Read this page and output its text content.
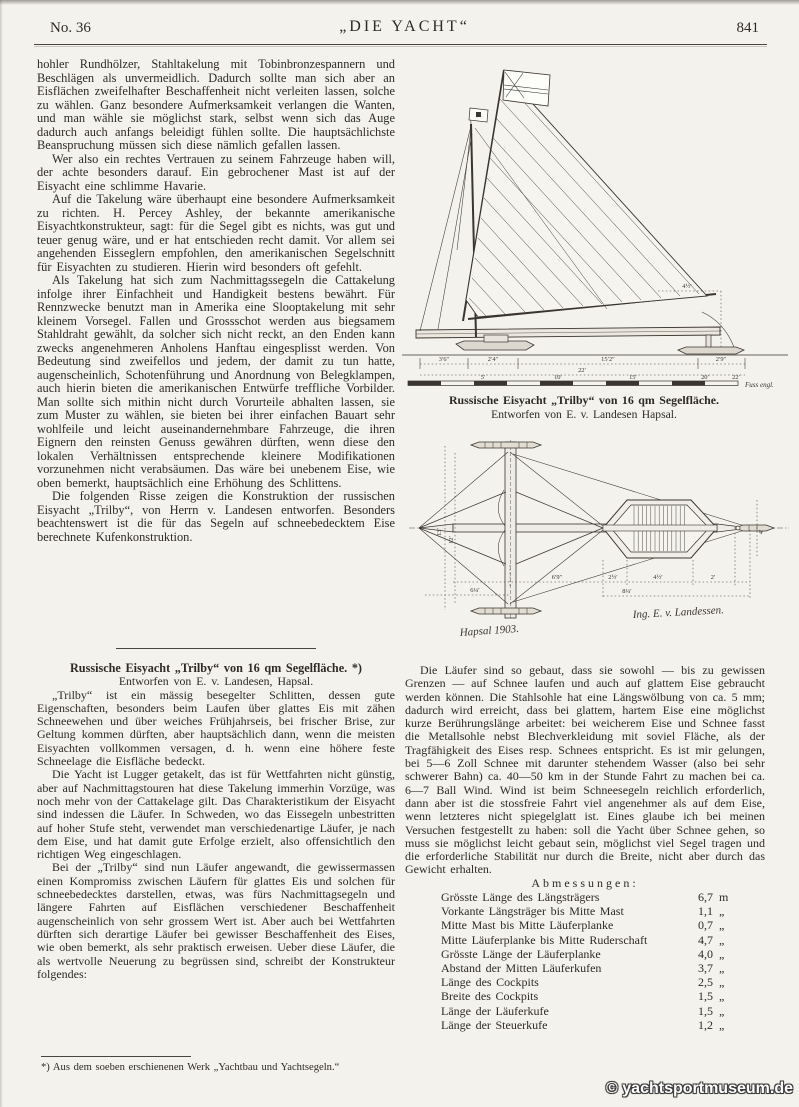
No. 36	„DIE YACHT“	841

hohler Rundhölzer, Stahltakelung mit Tobinbronzespannern und Beschlägen als unvermeidlich. Dadurch sollte man sich aber an Eisflächen zweifelhafter Beschaffenheit nicht verleiten lassen, solche zu wählen. Ganz besondere Aufmerksamkeit verlangen die Wanten, und man wähle sie möglichst stark, selbst wenn sich das Auge dadurch auch anfangs beleidigt fühlen sollte. Die hauptsächlichste Beanspruchung müssen sich diese nämlich gefallen lassen.

Wer also ein rechtes Vertrauen zu seinem Fahrzeuge haben will, der achte besonders darauf. Ein gebrochener Mast ist auf der Eisyacht eine schlimme Havarie.

Auf die Takelung wäre überhaupt eine besondere Aufmerksamkeit zu richten. H. Percey Ashley, der bekannte amerikanische Eisyachtkonstrukteur, sagt: für die Segel gibt es nichts, was gut und teuer genug wäre, und er hat entschieden recht damit. Vor allem sei angehenden Eisseglern empfohlen, den amerikanischen Segelschnitt für Eisyachten zu studieren. Hierin wird besonders oft gefehlt.

Als Takelung hat sich zum Nachmittagssegeln die Cattakelung infolge ihrer Einfachheit und Handigkeit bestens bewährt. Für Rennzwecke benutzt man in Amerika eine Slooptakelung mit sehr kleinem Vorsegel. Fallen und Grossschot werden aus biegsamem Stahldraht gewählt, da solcher sich nicht reckt, an den Enden kann zwecks angenehmeren Anholens Hanftau eingesplisst werden. Von Bedeutung sind zweifellos und jedem, der damit zu tun hatte, augenscheinlich, Schotenführung und Anordnung von Belegklampen, auch hierin bieten die amerikanischen Entwürfe treffliche Vorbilder. Man sollte sich mithin nicht durch Vorurteile abhalten lassen, sie zum Muster zu wählen, sie bieten bei ihrer einfachen Bauart sehr wohlfeile und leicht auseinandernehmbare Fahrzeuge, die ihren Eignern den reinsten Genuss gewähren dürften, wenn diese den lokalen Verhältnissen entsprechende kleinere Modifikationen vorzunehmen nicht verabsäumen. Das wäre bei unebenem Eise, wie oben bemerkt, hauptsächlich eine Erhöhung des Schlittens.

Die folgenden Risse zeigen die Konstruktion der russischen Eisyacht „Trilby“, von Herrn v. Landesen entworfen. Besonders beachtenswert ist die für das Segeln auf schneebedecktem Eise berechnete Kufenkonstruktion.

Russische Eisyacht „Trilby“ von 16 qm Segelfläche. *)

Entworfen von E. v. Landesen, Hapsal.

„Trilby“ ist ein mässig besegelter Schlitten, dessen gute Eigenschaften, besonders beim Laufen über glattes Eis mit zähen Schneewehen und über weiches Frühjahrseis, bei frischer Brise, zur Geltung kommen dürften, aber hauptsächlich dann, wenn die meisten Eisyachten vollkommen versagen, d. h. wenn eine höhere feste Schneelage die Eisfläche bedeckt.

Die Yacht ist Lugger getakelt, das ist für Wettfahrten nicht günstig, aber auf Nachmittagstouren hat diese Takelung immerhin Vorzüge, was noch mehr von der Cattakelage gilt. Das Charakteristikum der Eisyacht sind indessen die Läufer. In Schweden, wo das Eissegeln unbestritten auf hoher Stufe steht, verwendet man verschiedenartige Läufer, je nach dem Eise, und hat damit gute Erfolge erzielt, also offensichtlich den richtigen Weg eingeschlagen.

Bei der „Trilby“ sind nun Läufer angewandt, die gewissermassen einen Kompromiss zwischen Läufern für glattes Eis und solchen für schneebedecktes darstellen, etwas, was fürs Nachmittagsegeln und längere Fahrten auf Eisflächen verschiedener Beschaffenheit augenscheinlich von sehr grossem Wert ist. Aber auch bei Wettfahrten dürften sich derartige Läufer bei gewisser Beschaffenheit des Eises, wie oben bemerkt, als sehr praktisch erweisen. Ueber diese Läufer, die als wertvolle Neuerung zu begrüssen sind, schreibt der Konstrukteur folgendes:

*) Aus dem soeben erschienenen Werk „Yachtbau und Yachtsegeln.“
4½′
3′6″	2′4″	15′2″	2′9″
22′
5′	10′	15′	20′	22′
Fuss engl.
Russische Eisyacht „Trilby“ von 16 qm Segelfläche.
Entworfen von E. v. Landesen Hapsal.
13′
12′
6′9″	2½′	4½′	2′
6¼′	8¼′
4′
Ing. E. v. Landessen.
Hapsal 1903.

Die Läufer sind so gebaut, dass sie sowohl — bis zu gewissen Grenzen — auf Schnee laufen und auch auf glattem Eise gebraucht werden können. Die Stahlsohle hat eine Längswölbung von ca. 5 mm; dadurch wird erreicht, dass bei glattem, hartem Eise eine möglichst kurze Berührungslänge arbeitet: bei weicherem Eise und Schnee fasst die Metallsohle nebst Blechverkleidung mit soviel Fläche, als der Tragfähigkeit des Eises resp. Schnees entspricht. Es ist mir gelungen, bei 5—6 Zoll Schnee mit darunter stehendem Wasser (also bei sehr schwerer Bahn) ca. 40—50 km in der Stunde Fahrt zu machen bei ca. 6—7 Ball Wind. Wind ist beim Schneesegeln reichlich erforderlich, dann aber ist die stossfreie Fahrt viel angenehmer als auf dem Eise, wenn letzteres nicht spiegelglatt ist. Eines glaube ich bei meinen Versuchen festgestellt zu haben: soll die Yacht über Schnee gehen, so muss sie möglichst leicht gebaut sein, möglichst viel Segel tragen und die erforderliche Stabilität nur durch die Breite, nicht aber durch das Gewicht erhalten.

Abmessungen:

Grösste Länge des Längsträgers	6,7 m
Vorkante Längsträger bis Mitte Mast	1,1 „
Mitte Mast bis Mitte Läuferplanke	0,7 „
Mitte Läuferplanke bis Mitte Ruderschaft	4,7 „
Grösste Länge der Läuferplanke	4,0 „
Abstand der Mitten Läuferkufen	3,7 „
Länge des Cockpits	2,5 „
Breite des Cockpits	1,5 „
Länge der Läuferkufe	1,5 „
Länge der Steuerkufe	1,2 „
© yachtsportmuseum.de
